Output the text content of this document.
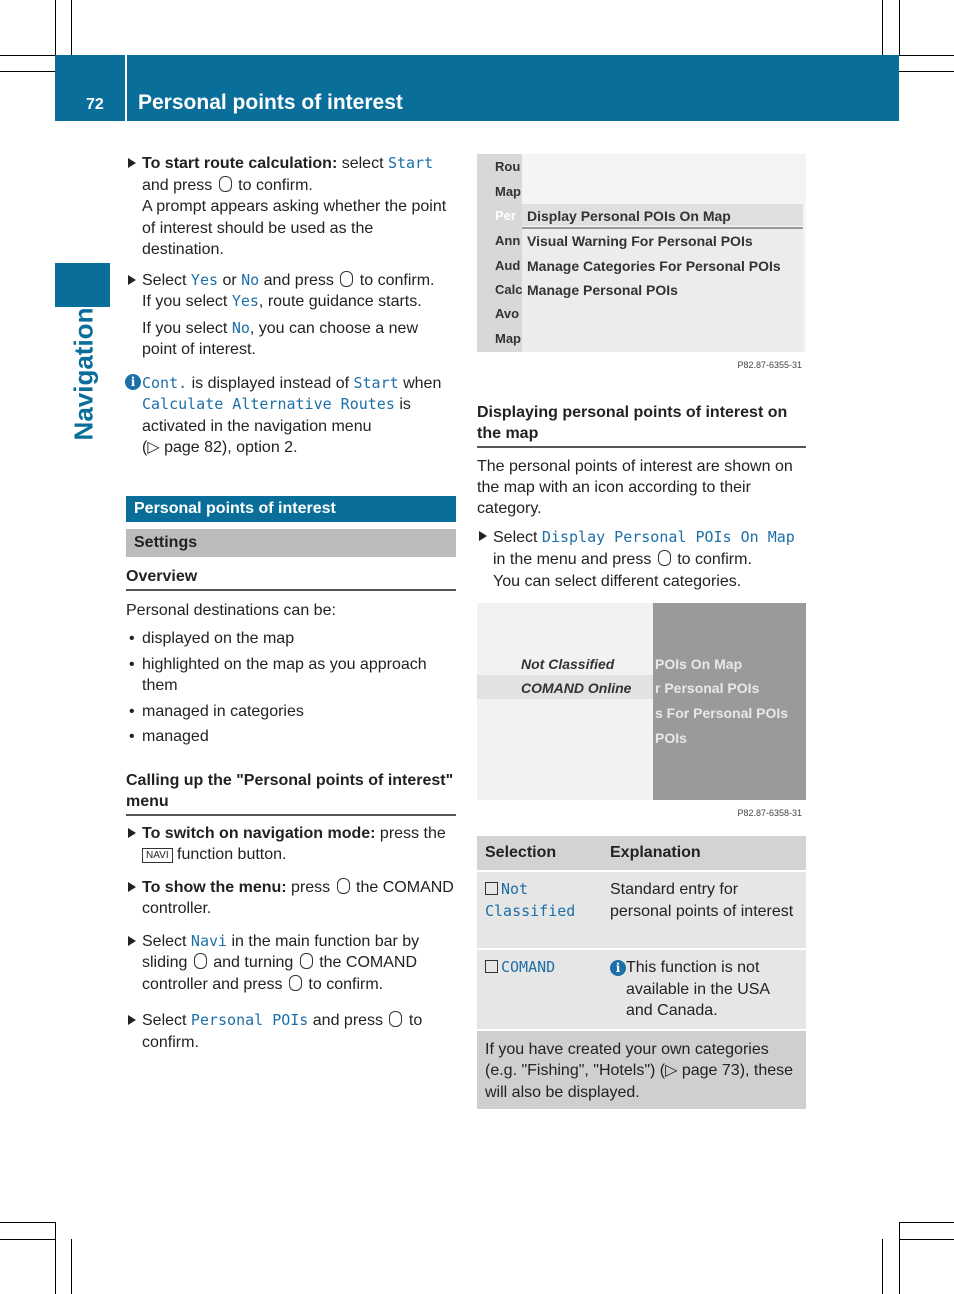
72 Personal points of interest
Navigation
To start route calculation: select Start
and press  to confirm.
A prompt appears asking whether the point of interest should be used as the destination.
Select Yes or No and press  to confirm.
If you select Yes, route guidance starts.
If you select No, you can choose a new point of interest.
i Cont. is displayed instead of Start when Calculate Alternative Routes is activated in the navigation menu
(▷ page 82), option 2.
Personal points of interest
Settings
Overview
Personal destinations can be:
• displayed on the map
• highlighted on the map as you approach them
• managed in categories
• managed
Calling up the "Personal points of interest" menu
To switch on navigation mode: press the NAVI function button.
To show the menu: press  the COMAND controller.
Select Navi in the main function bar by sliding  and turning  the COMAND controller and press  to confirm.
Select Personal POIs and press  to confirm.
Rou
Map
Per
Ann
Aud
Calc
Avo
Map
Display Personal POIs On Map
Visual Warning For Personal POIs
Manage Categories For Personal POIs
Manage Personal POIs
P82.87-6355-31
Displaying personal points of interest on the map
The personal points of interest are shown on the map with an icon according to their category.
Select Display Personal POIs On Map
in the menu and press  to confirm.
You can select different categories.
Not Classified
COMAND Online
POIs On Map
r Personal POIs
s For Personal POIs
POIs
P82.87-6358-31
Selection	Explanation
Not Classified	Standard entry for personal points of interest
COMAND	i This function is not available in the USA and Canada.
If you have created your own categories (e.g. "Fishing", "Hotels") (▷ page 73), these will also be displayed.	
